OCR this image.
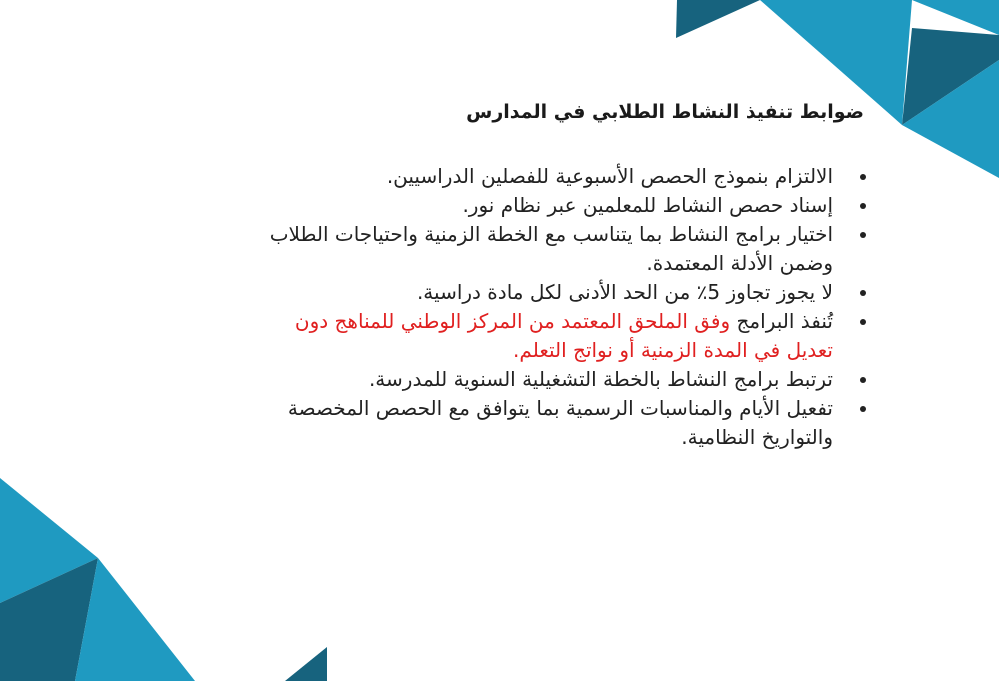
ضوابط تنفيذ النشاط الطلابي في المدارس
الالتزام بنموذج الحصص الأسبوعية للفصلين الدراسيين.
إسناد حصص النشاط للمعلمين عبر نظام نور.
اختيار برامج النشاط بما يتناسب مع الخطة الزمنية واحتياجات الطلاب وضمن الأدلة المعتمدة.
لا يجوز تجاوز 5٪ من الحد الأدنى لكل مادة دراسية.
تُنفذ البرامج وفق الملحق المعتمد من المركز الوطني للمناهج دون تعديل في المدة الزمنية أو نواتج التعلم.
ترتبط برامج النشاط بالخطة التشغيلية السنوية للمدرسة.
تفعيل الأيام والمناسبات الرسمية بما يتوافق مع الحصص المخصصة والتواريخ النظامية.
